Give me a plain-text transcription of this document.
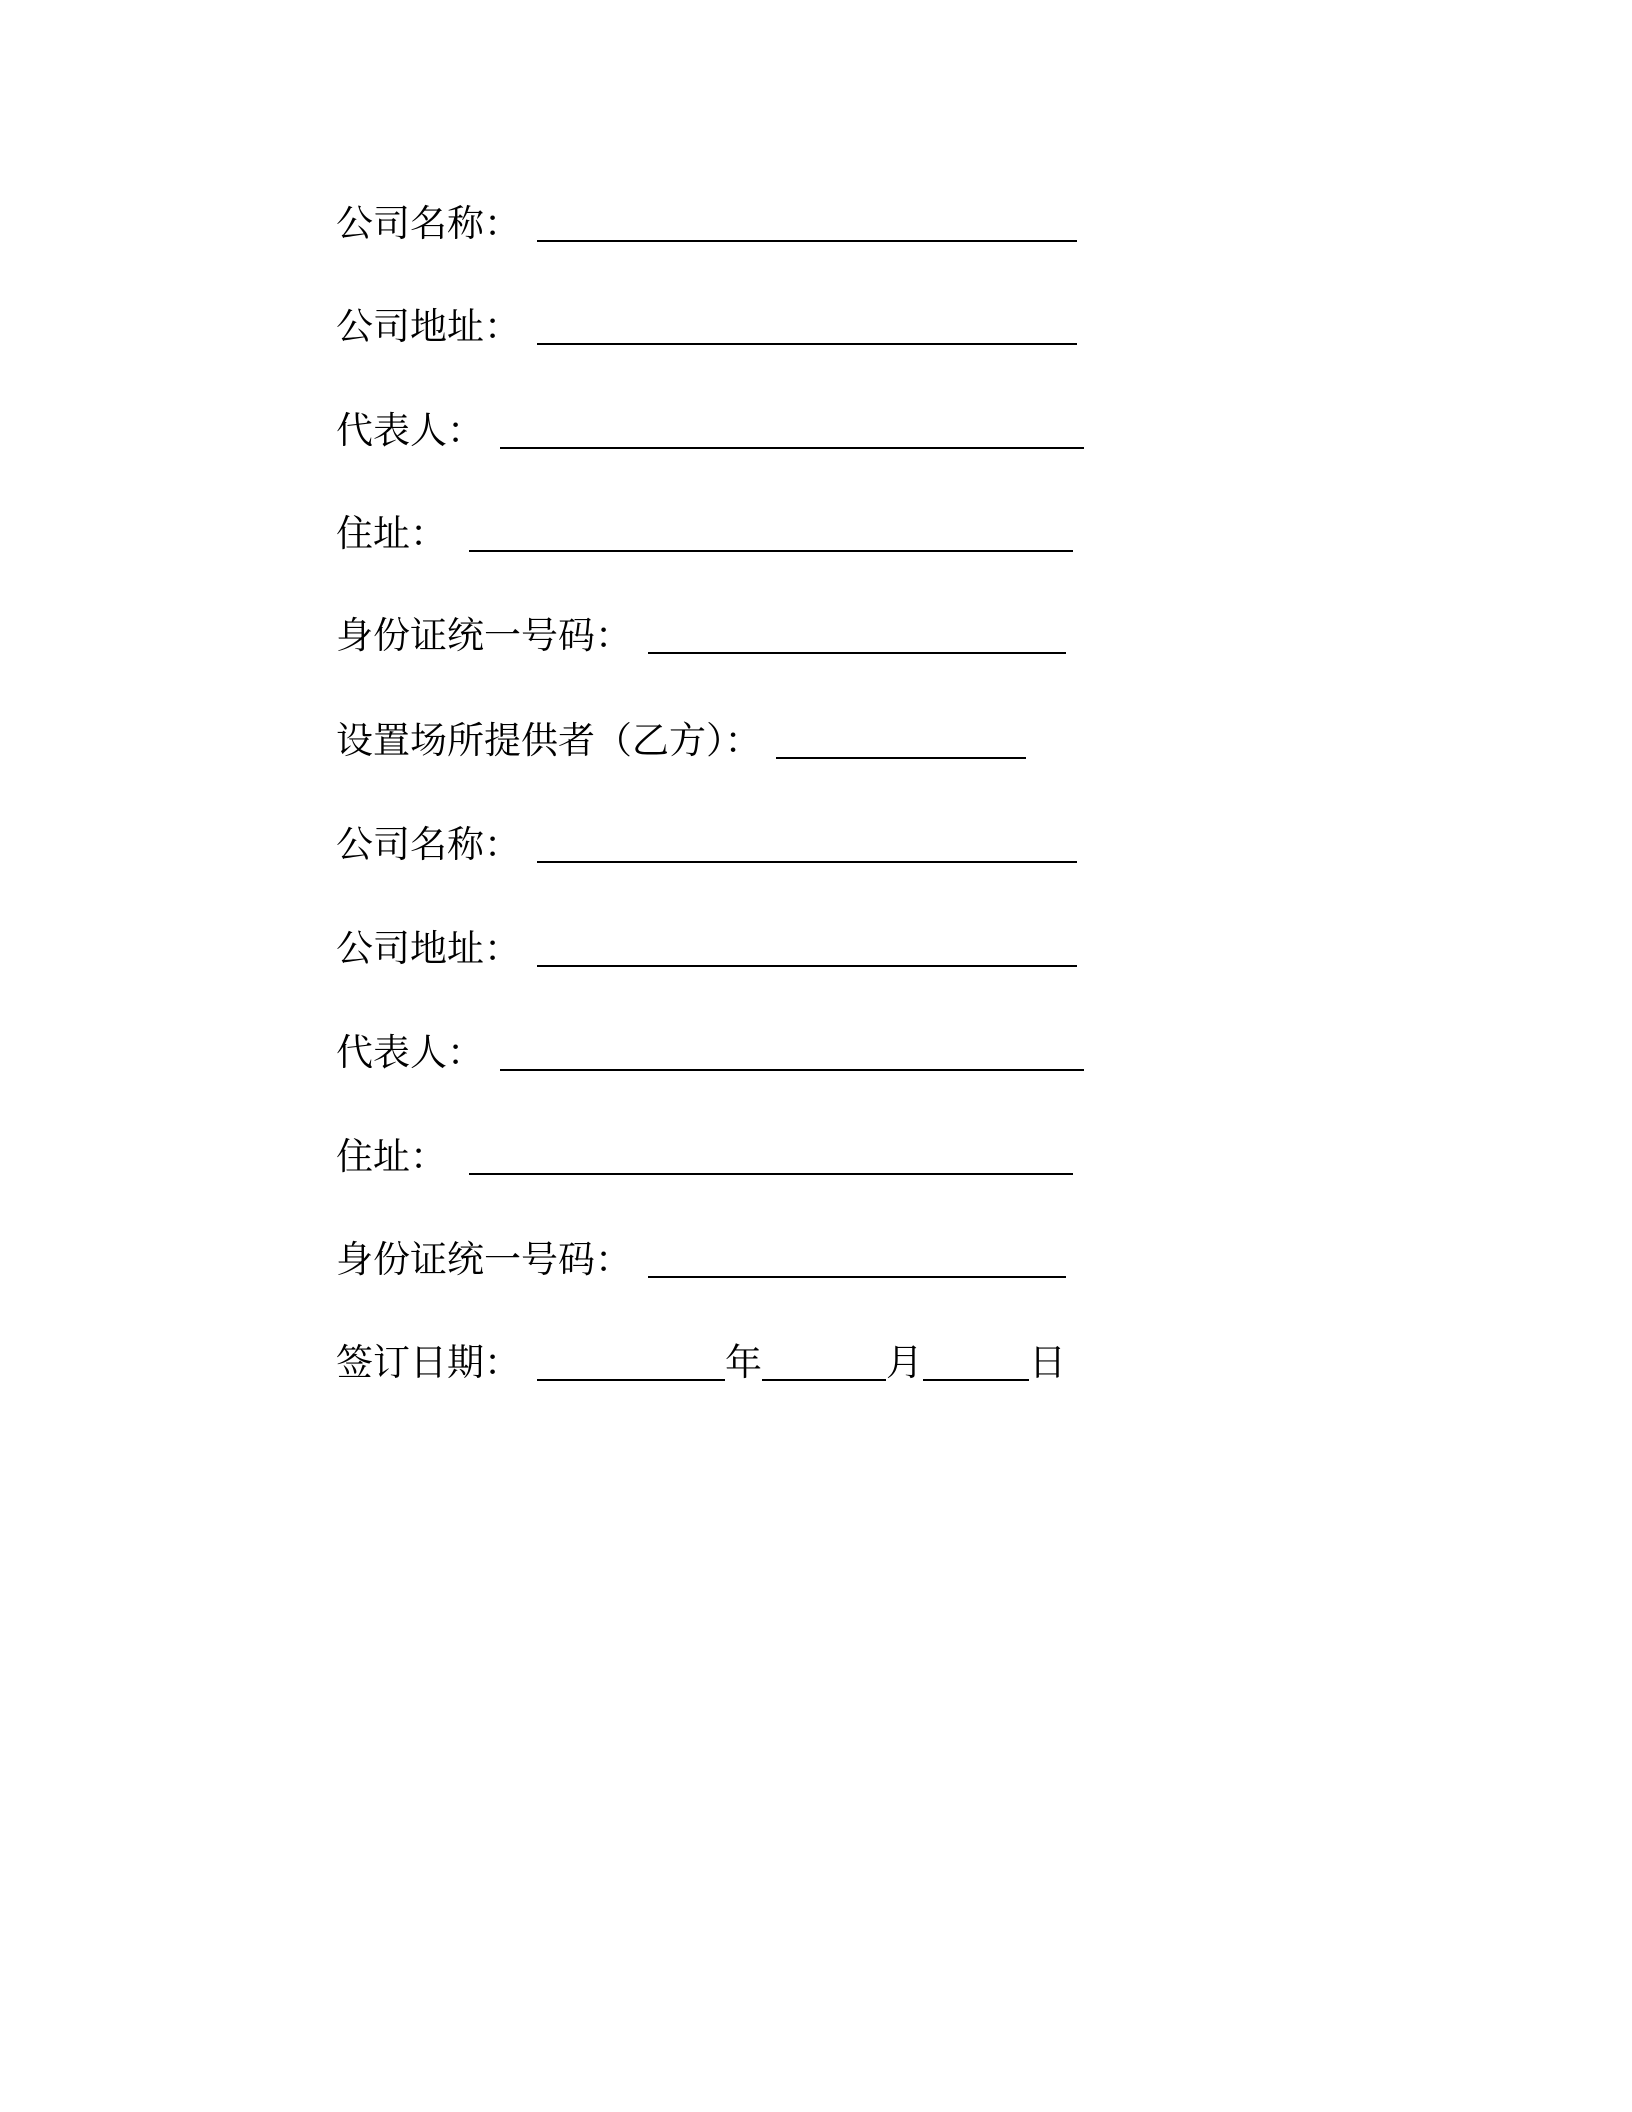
公司名称：
公司地址：
代表人：
住址：
身份证统一号码：
设置场所提供者（乙方）：
公司名称：
公司地址：
代表人：
住址：
身份证统一号码：
签订日期：	年	月	日
